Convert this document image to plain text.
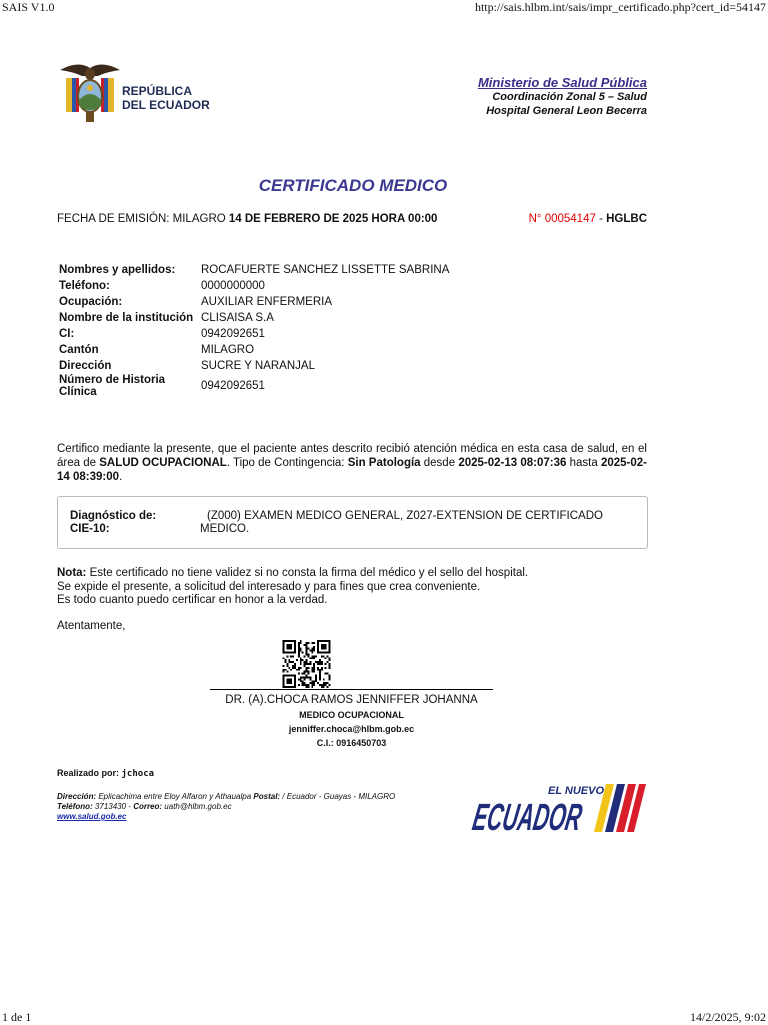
SAIS V1.0	http://sais.hlbm.int/sais/impr_certificado.php?cert_id=54147
REPÚBLICA
DEL ECUADOR
Ministerio de Salud Pública
Coordinación Zonal 5 – Salud
Hospital General Leon Becerra
CERTIFICADO MEDICO
FECHA DE EMISIÓN: MILAGRO 14 DE FEBRERO DE 2025 HORA 00:00	N° 00054147 - HGLBC
Nombres y apellidos:	ROCAFUERTE SANCHEZ LISSETTE SABRINA
Teléfono:	0000000000
Ocupación:	AUXILIAR ENFERMERIA
Nombre de la institución	CLISAISA S.A
CI:	0942092651
Cantón	MILAGRO
Dirección	SUCRE Y NARANJAL
Número de Historia Clínica	0942092651
Certifico mediante la presente, que el paciente antes descrito recibió atención médica en esta casa de salud, en el área de SALUD OCUPACIONAL. Tipo de Contingencia: Sin Patología desde 2025-02-13 08:07:36 hasta 2025-02-14 08:39:00.
Diagnóstico de:
CIE-10:
(Z000) EXAMEN MEDICO GENERAL, Z027-EXTENSION DE CERTIFICADO MEDICO.
Nota: Este certificado no tiene validez si no consta la firma del médico y el sello del hospital.
Se expide el presente, a solicitud del interesado y para fines que crea conveniente.
Es todo cuanto puedo certificar en honor a la verdad.
Atentamente,
DR. (A).CHOCA RAMOS JENNIFFER JOHANNA
MEDICO OCUPACIONAL
jenniffer.choca@hlbm.gob.ec
C.I.: 0916450703
Realizado por: jchoca
Dirección: Eplicachima entre Eloy Alfaron y Athaualpa Postal: / Ecuador - Guayas - MILAGRO
Teléfono: 3713430 - Correo: uath@hlbm.gob.ec
www.salud.gob.ec
EL NUEVO
ECUADOR
1 de 1	14/2/2025, 9:02
